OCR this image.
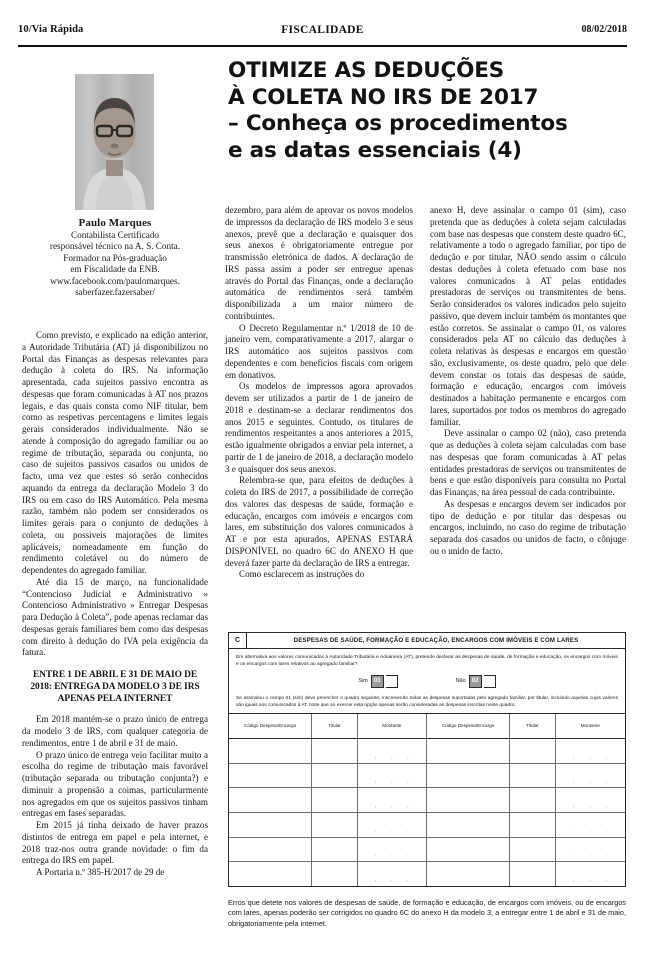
10/Via Rápida	FISCALIDADE	08/02/2018
OTIMIZE AS DEDUÇÕES
À COLETA NO IRS DE 2017
– Conheça os procedimentos
e as datas essenciais (4)
Paulo Marques
Contabilista Certificado
responsável técnico na A. S. Conta.
Formador na Pós-graduação
em Fiscalidade da ENB.
www.facebook.com/paulomarques.
saberfazer.fazersaber/

Como previsto, e explicado na edição anterior, a Autoridade Tributária (AT) já disponibilizou no Portal das Finanças as despesas relevantes para dedução à coleta do IRS. Na informação apresentada, cada sujeitos passivo encontra as despesas que foram comunicadas à AT nos prazos legais, e das quais consta como NIF titular, bem como as respetivas percentagens e limites legais gerais considerados individualmente. Não se atende à composição do agregado familiar ou ao regime de tributação, separada ou conjunta, no caso de sujeitos passivos casados ou unidos de facto, uma vez que estes só serão conhecidos aquando da entrega da declaração Modelo 3 do IRS ou em caso do IRS Automático. Pela mesma razão, também não podem ser considerados os limites gerais para o conjunto de deduções à coleta, ou possíveis majorações de limites aplicáveis, nomeadamente em função do rendimento coletável ou do número de dependentes do agregado familiar.

Até dia 15 de março, na funcionalidade “Contencioso Judicial e Administrativo » Contencioso Administrativo » Entregar Despesas para Dedução à Coleta”, pode apenas reclamar das despesas gerais familiares bem como das despesas com direito à dedução do IVA pela exigência da fatura.

ENTRE 1 DE ABRIL E 31 DE MAIO DE 2018: ENTREGA DA MODELO 3 DE IRS APENAS PELA INTERNET

Em 2018 mantém-se o prazo único de entrega da modelo 3 de IRS, com qualquer categoria de rendimentos, entre 1 de abril e 31 de maio.

O prazo único de entrega veio facilitar muito a escolha do regime de tributação mais favorável (tributação separada ou tributação conjunta?) e diminuir a propensão a coimas, particularmente nos agregados em que os sujeitos passivos tinham entregas em fases separadas.

Em 2015 já tinha deixado de haver prazos distintos de entrega em papel e pela internet, e 2018 traz-nos outra grande novidade: o fim da entrega do IRS em papel.

A Portaria n.º 385-H/2017 de 29 de

dezembro, para além de aprovar os novos modelos de impressos da declaração de IRS modelo 3 e seus anexos, prevê que a declaração e quaisquer dos seus anexos é obrigatoriamente entregue por transmissão eletrónica de dados. A declaração de IRS passa assim a poder ser entregue apenas através do Portal das Finanças, onde a declaração automática de rendimentos será também disponibilizada a um maior número de contribuintes.

O Decreto Regulamentar n.º 1/2018 de 10 de janeiro vem, comparativamente a 2017, alargar o IRS automático aos sujeitos passivos com dependentes e com benefícios fiscais com origem em donativos.

Os modelos de impressos agora aprovados devem ser utilizados a partir de 1 de janeiro de 2018 e destinam-se a declarar rendimentos dos anos 2015 e seguintes. Contudo, os titulares de rendimentos respeitantes a anos anteriores a 2015, estão igualmente obrigados a enviar pela internet, a partir de 1 de janeiro de 2018, a declaração modelo 3 e quaisquer dos seus anexos.

Relembra-se que, para efeitos de deduções à coleta do IRS de 2017, a possibilidade de correção dos valores das despesas de saúde, formação e educação, encargos com imóveis e encargos com lares, em substituição dos valores comunicados à AT e por esta apurados, APENAS ESTARÁ DISPONÍVEL no quadro 6C do ANEXO H que deverá fazer parte da declaração de IRS a entregar.

Como esclarecem as instruções do

anexo H, deve assinalar o campo 01 (sim), caso pretenda que as deduções à coleta sejam calculadas com base nas despesas que constem deste quadro 6C, relativamente a todo o agregado familiar, por tipo de dedução e por titular, NÃO sendo assim o cálculo destas deduções à coleta efetuado com base nos valores comunicados à AT pelas entidades prestadoras de serviços ou transmitentes de bens. Serão considerados os valores indicados pelo sujeito passivo, que devem incluir também os montantes que estão corretos. Se assinalar o campo 01, os valores considerados pela AT no cálculo das deduções à coleta relativas às despesas e encargos em questão são, exclusivamente, os deste quadro, pelo que dele devem constar os totais das despesas de saúde, formação e educação, encargos com imóveis destinados a habitação permanente e encargos com lares, suportados por todos os membros do agregado familiar.

Deve assinalar o campo 02 (não), caso pretenda que as deduções à coleta sejam calculadas com base nas despesas que foram comunicadas à AT pelas entidades prestadoras de serviços ou transmitentes de bens e que estão disponíveis para consulta no Portal das Finanças, na área pessoal de cada contribuinte.

As despesas e encargos devem ser indicados por tipo de dedução e por titular das despesas ou encargos, incluindo, no caso do regime de tributação separada dos casados ou unidos de facto, o cônjuge ou o unido de facto.

C	DESPESAS DE SAÚDE, FORMAÇÃO E EDUCAÇÃO, ENCARGOS COM IMÓVEIS E COM LARES
Em alternativa aos valores comunicados à Autoridade Tributária e Aduaneira (AT), pretende declarar as despesas de saúde, de formação e educação, os encargos com móveis e os encargos com lares relativos ao agregado familiar?
Sim	01	Não	02
Se assinalou o campo 01 (sim) deve preencher o quadro seguinte, inscrevendo todas as despesas suportadas pelo agregado familiar, por titular, incluindo aquelas cujos valores são iguais aos comunicados à AT. Note que ao exercer esta opção apenas serão consideradas as despesas inscritas neste quadro.
Código Despesa/Encargo	Titular	Montante	Código Despesa/Encargo	Titular	Montante
,	,	,	,	,	,
,	,	,	,	,	,
,	,	,	,	,	,
,	,	,	,	,	,
,	,	,	,	,	,
,	,	,	,	,	,
Erros que detete nos valores de despesas de saúde, de formação e educação, de encargos com imóveis, ou de encargos com lares, apenas poderão ser corrigidos no quadro 6C do anexo H da modelo 3, a entregar entre 1 de abril e 31 de maio, obrigatoriamente pela internet.
